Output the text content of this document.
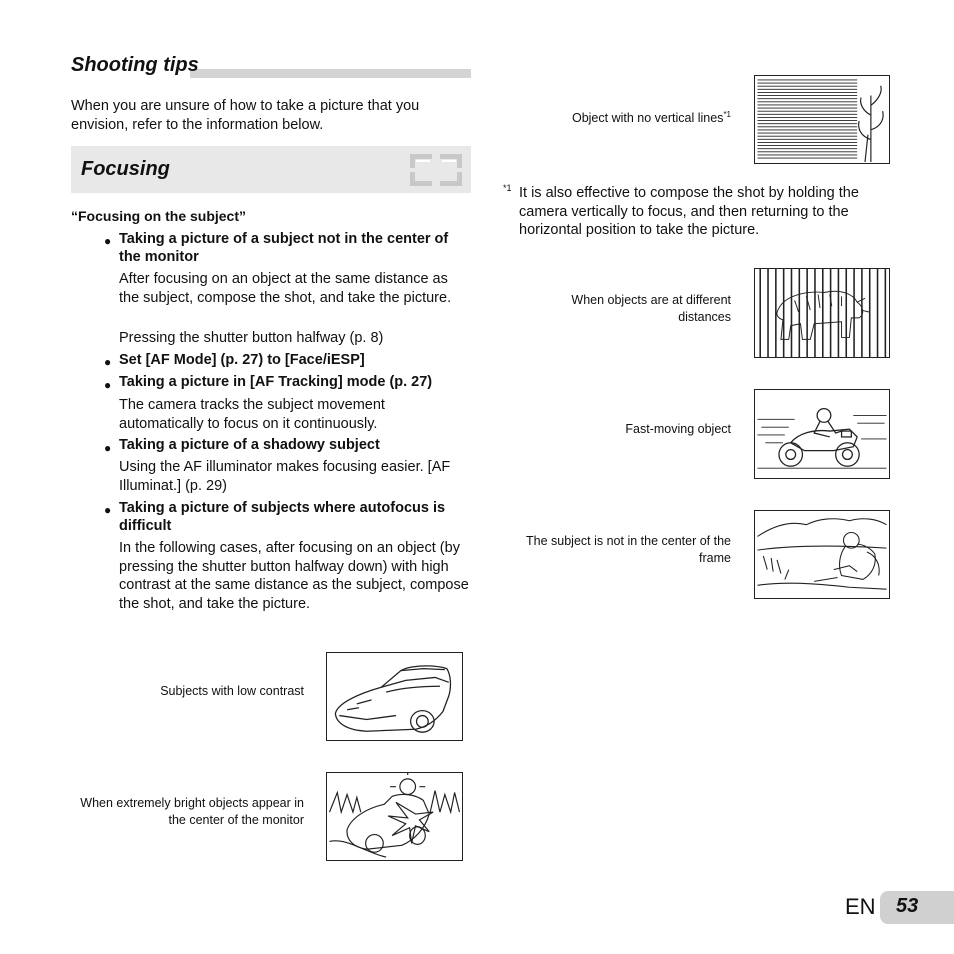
Shooting tips
When you are unsure of how to take a picture that you envision, refer to the information below.
Focusing
“Focusing on the subject”
● Taking a picture of a subject not in the center of the monitor
After focusing on an object at the same distance as the subject, compose the shot, and take the picture.
Pressing the shutter button halfway (p. 8)
● Set [AF Mode] (p. 27) to [Face/iESP]
● Taking a picture in [AF Tracking] mode (p. 27)
The camera tracks the subject movement automatically to focus on it continuously.
● Taking a picture of a shadowy subject
Using the AF illuminator makes focusing easier. [AF Illuminat.] (p. 29)
● Taking a picture of subjects where autofocus is difficult
In the following cases, after focusing on an object (by pressing the shutter button halfway down) with high contrast at the same distance as the subject, compose the shot, and take the picture.
Subjects with low contrast
When extremely bright objects appear in the center of the monitor
Object with no vertical lines$^{*1}$
*1 It is also effective to compose the shot by holding the camera vertically to focus, and then returning to the horizontal position to take the picture.
When objects are at different distances
Fast-moving object
The subject is not in the center of the frame
EN 53
